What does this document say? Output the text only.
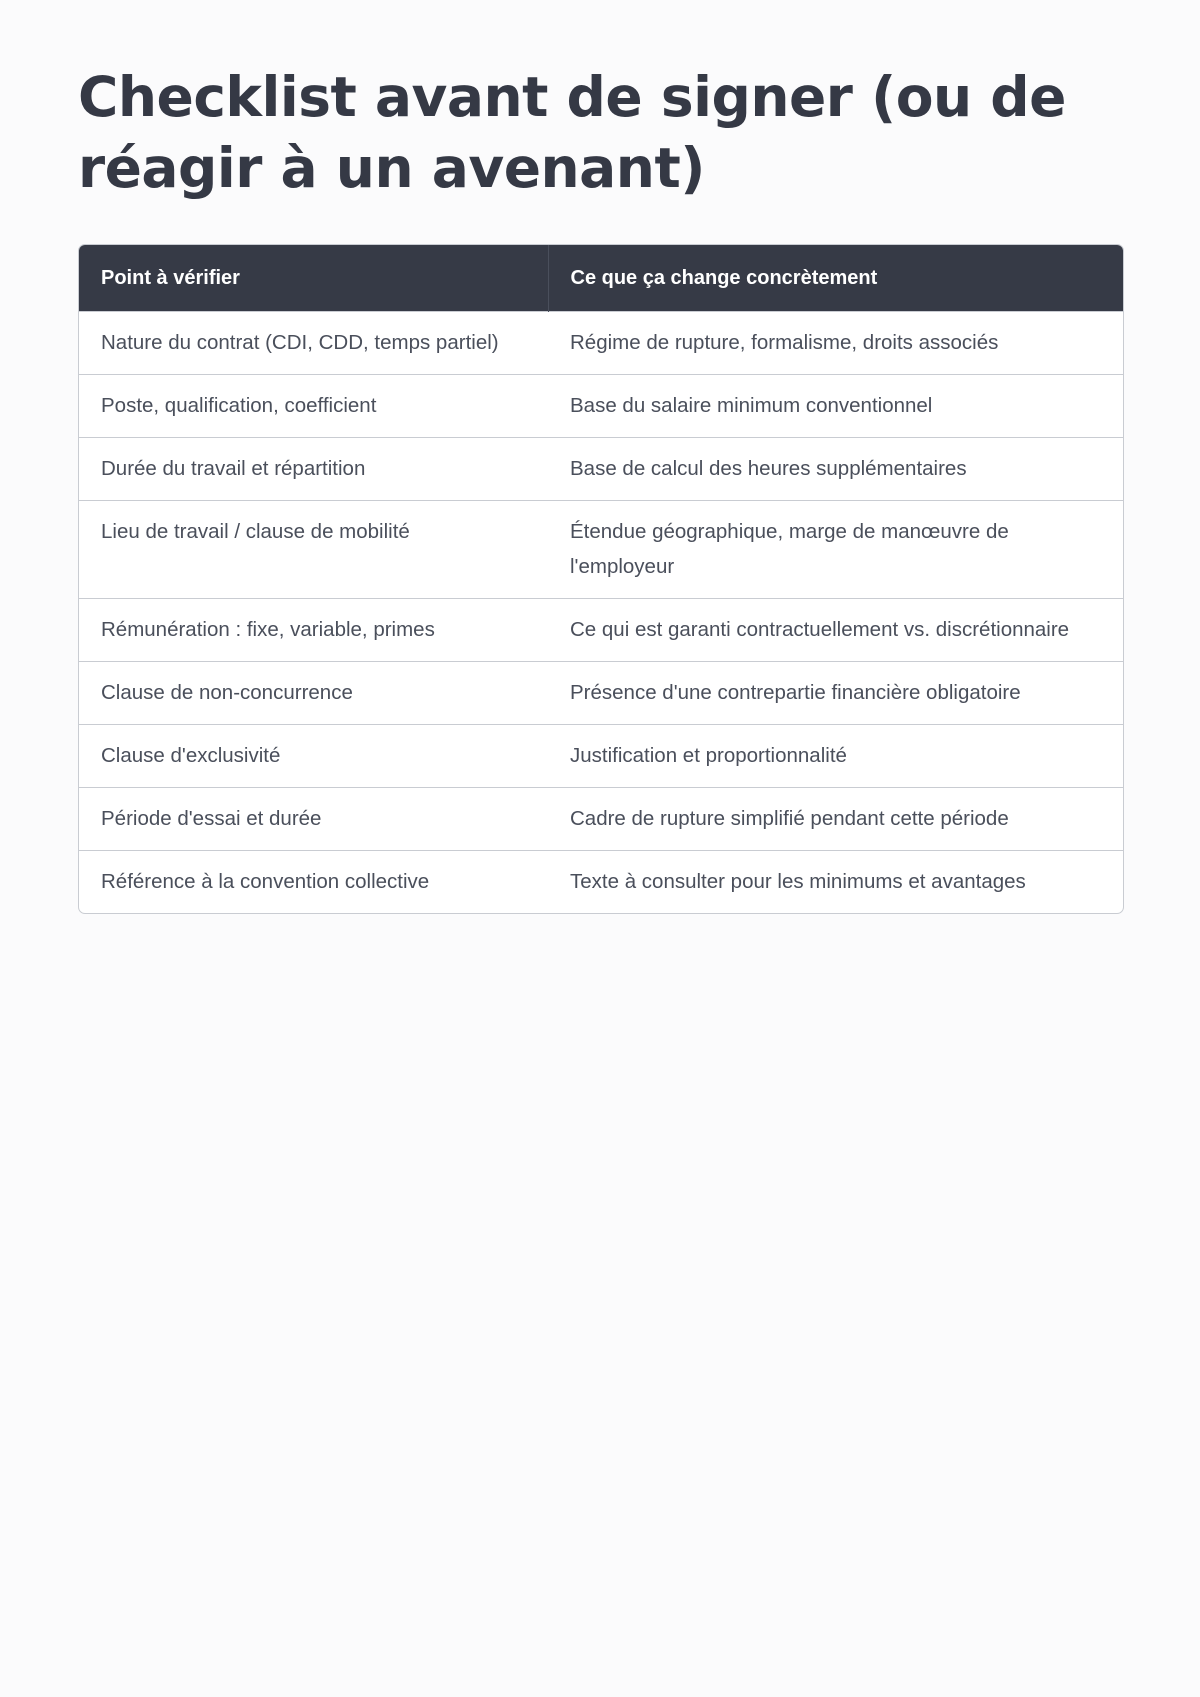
Checklist avant de signer (ou de réagir à un avenant)
Point à vérifier	Ce que ça change concrètement
Nature du contrat (CDI, CDD, temps partiel)	Régime de rupture, formalisme, droits associés
Poste, qualification, coefficient	Base du salaire minimum conventionnel
Durée du travail et répartition	Base de calcul des heures supplémentaires
Lieu de travail / clause de mobilité	Étendue géographique, marge de manœuvre de l'employeur
Rémunération : fixe, variable, primes	Ce qui est garanti contractuellement vs. discrétionnaire
Clause de non-concurrence	Présence d'une contrepartie financière obligatoire
Clause d'exclusivité	Justification et proportionnalité
Période d'essai et durée	Cadre de rupture simplifié pendant cette période
Référence à la convention collective	Texte à consulter pour les minimums et avantages
